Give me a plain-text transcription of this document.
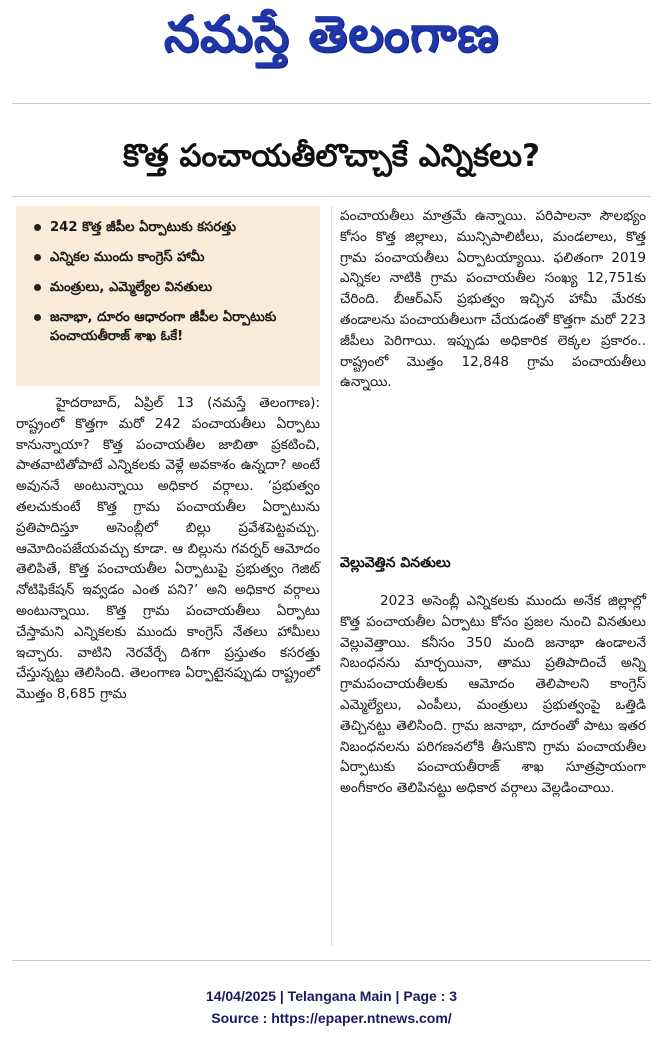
నమస్తే తెలంగాణ
కొత్త పంచాయతీలొచ్చాకే ఎన్నికలు?
242 కొత్త జీపీల ఏర్పాటుకు కసరత్తు
ఎన్నికల ముందు కాంగ్రెస్‌ హామీ
మంత్రులు, ఎమ్మెల్యేల వినతులు
జనాభా, దూరం ఆధారంగా జీపీల ఏర్పాటుకు పంచాయతీరాజ్‌ శాఖ ఓకే!

హైదరాబాద్‌, ఏప్రిల్‌ 13 (నమస్తే తెలంగాణ): రాష్ట్రంలో కొత్తగా మరో 242 పంచాయతీలు ఏర్పాటు కానున్నాయా? కొత్త పంచాయతీల జాబితా ప్రకటించి, పాతవాటితోపాటే ఎన్నికలకు వెళ్లే అవకాశం ఉన్నదా? అంటే అవుననే అంటున్నాయి అధికార వర్గాలు. ‘ప్రభుత్వం తలచుకుంటే కొత్త గ్రామ పంచాయతీల ఏర్పాటును ప్రతిపాదిస్తూ అసెంబ్లీలో బిల్లు ప్రవేశపెట్టవచ్చు. ఆమోదింపజేయవచ్చు కూడా. ఆ బిల్లును గవర్నర్‌ ఆమోదం తెలిపితే, కొత్త పంచాయతీల ఏర్పాటుపై ప్రభుత్వం గెజిట్‌ నోటిఫికేషన్‌ ఇవ్వడం ఎంత పని?’ అని అధికార వర్గాలు అంటున్నాయి. కొత్త గ్రామ పంచాయతీలు ఏర్పాటు చేస్తామని ఎన్నికలకు ముందు కాంగ్రెస్‌ నేతలు హామీలు ఇచ్చారు. వాటిని నెరవేర్చే దిశగా ప్రస్తుతం కసరత్తు చేస్తున్నట్టు తెలిసింది. తెలంగాణ ఏర్పాటైనప్పుడు రాష్ట్రంలో మొత్తం 8,685 గ్రామ

పంచాయతీలు మాత్రమే ఉన్నాయి. పరిపాలనా సౌలభ్యం కోసం కొత్త జిల్లాలు, మున్సిపాలిటీలు, మండలాలు, కొత్త గ్రామ పంచాయతీలు ఏర్పాటయ్యాయి. ఫలితంగా 2019 ఎన్నికల నాటికి గ్రామ పంచాయతీల సంఖ్య 12,751కు చేరింది. బీఆర్‌ఎస్‌ ప్రభుత్వం ఇచ్చిన హామీ మేరకు తండాలను పంచాయతీలుగా చేయడంతో కొత్తగా మరో 223 జీపీలు పెరిగాయి. ఇప్పుడు అధికారిక లెక్కల ప్రకారం.. రాష్ట్రంలో మొత్తం 12,848 గ్రామ పంచాయతీలు ఉన్నాయి.

వెల్లువెత్తిన వినతులు

2023 అసెంబ్లీ ఎన్నికలకు ముందు అనేక జిల్లాల్లో కొత్త పంచాయతీల ఏర్పాటు కోసం ప్రజల నుంచి వినతులు వెల్లువెత్తాయి. కనీసం 350 మంది జనాభా ఉండాలనే నిబంధనను మార్చయినా, తాము ప్రతిపాదించే అన్ని గ్రామపంచాయతీలకు ఆమోదం తెలిపాలని కాంగ్రెస్‌ ఎమ్మెల్యేలు, ఎంపీలు, మంత్రులు ప్రభుత్వంపై ఒత్తిడి తెచ్చినట్టు తెలిసింది. గ్రామ జనాభా, దూరంతో పాటు ఇతర నిబంధనలను పరిగణనలోకి తీసుకొని గ్రామ పంచాయతీల ఏర్పాటుకు పంచాయతీరాజ్‌ శాఖ సూత్రప్రాయంగా అంగీకారం తెలిపినట్టు అధికార వర్గాలు వెల్లడించాయి.

14/04/2025 | Telangana Main | Page : 3
Source : https://epaper.ntnews.com/
